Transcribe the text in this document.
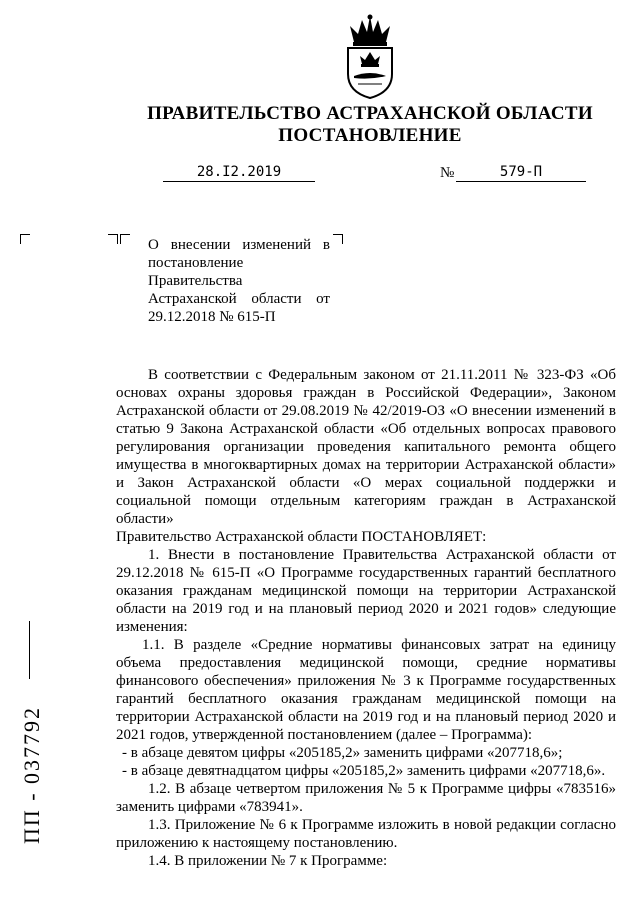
ПРАВИТЕЛЬСТВО АСТРАХАНСКОЙ ОБЛАСТИ
ПОСТАНОВЛЕНИЕ
28.I2.2019	№	579-П
О внесении изменений в постановление Правительства Астраханской области от 29.12.2018 № 615-П

В соответствии с Федеральным законом от 21.11.2011 № 323-ФЗ «Об основах охраны здоровья граждан в Российской Федерации», Законом Астраханской области от 29.08.2019 № 42/2019-ОЗ «О внесении изменений в статью 9 Закона Астраханской области «Об отдельных вопросах правового регулирования организации проведения капитального ремонта общего имущества в многоквартирных домах на территории Астраханской области» и Закон Астраханской области «О мерах социальной поддержки и социальной помощи отдельным категориям граждан в Астраханской области»

Правительство Астраханской области ПОСТАНОВЛЯЕТ:

1. Внести в постановление Правительства Астраханской области от 29.12.2018 № 615-П «О Программе государственных гарантий бесплатного оказания гражданам медицинской помощи на территории Астраханской области на 2019 год и на плановый период 2020 и 2021 годов» следующие изменения:

1.1. В разделе «Средние нормативы финансовых затрат на единицу объема предоставления медицинской помощи, средние нормативы финансового обеспечения» приложения № 3 к Программе государственных гарантий бесплатного оказания гражданам медицинской помощи на территории Астраханской области на 2019 год и на плановый период 2020 и 2021 годов, утвержденной постановлением (далее – Программа):

- в абзаце девятом цифры «205185,2» заменить цифрами «207718,6»;

- в абзаце девятнадцатом цифры «205185,2» заменить цифрами «207718,6».

1.2. В абзаце четвертом приложения № 5 к Программе цифры «783516» заменить цифрами «783941».

1.3. Приложение № 6 к Программе изложить в новой редакции согласно приложению к настоящему постановлению.

1.4. В приложении № 7 к Программе:

ПП - 037792
